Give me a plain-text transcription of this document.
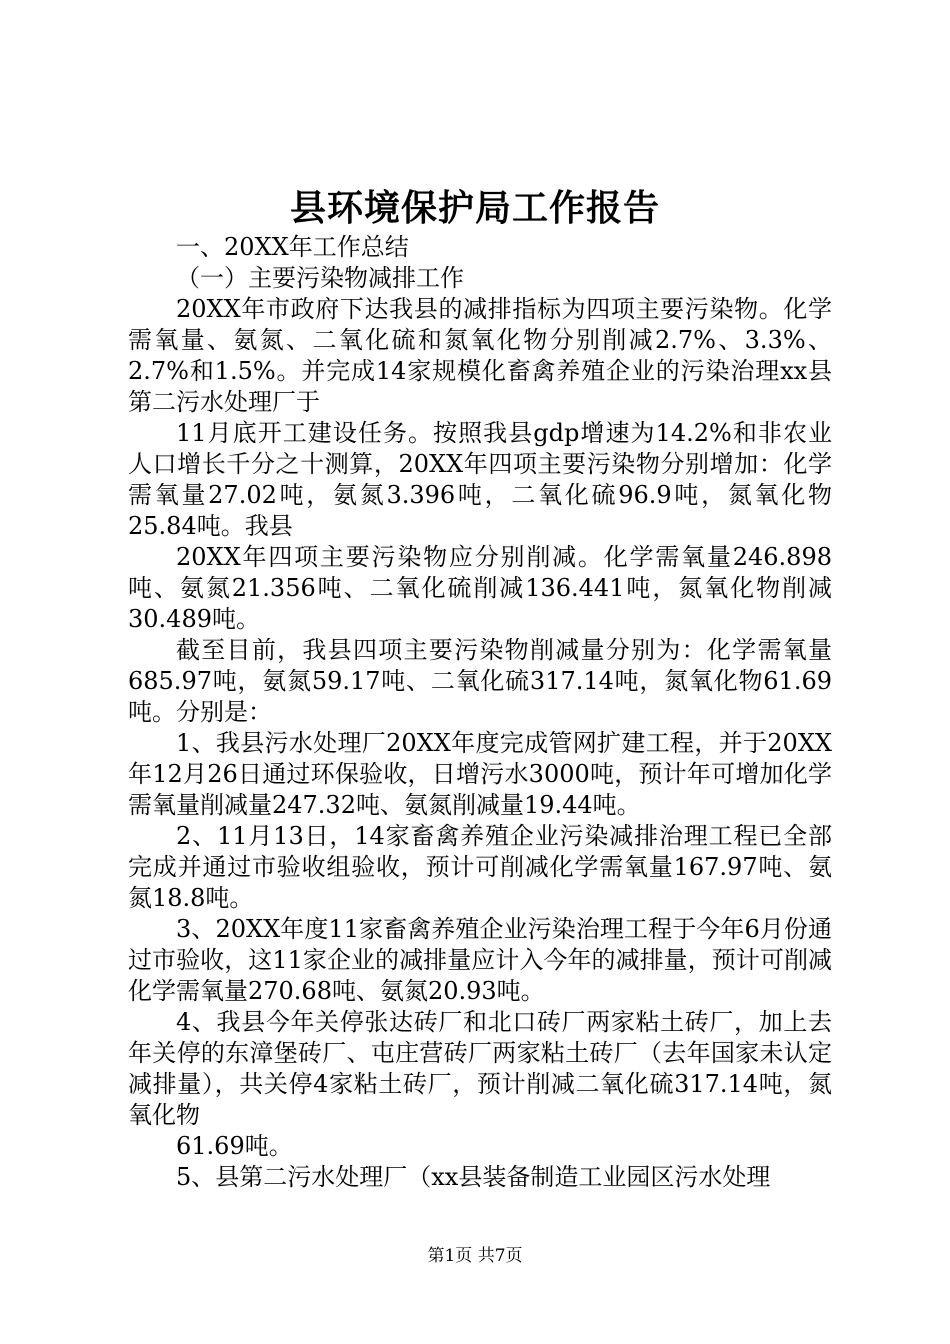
县环境保护局工作报告

一、20XX年工作总结

（一）主要污染物减排工作

20XX年市政府下达我县的减排指标为四项主要污染物。化学需氧量、氨氮、二氧化硫和氮氧化物分别削减2.7%、3.3%、2.7%和1.5%。并完成14家规模化畜禽养殖企业的污染治理xx县第二污水处理厂于

11月底开工建设任务。按照我县gdp增速为14.2%和非农业人口增长千分之十测算，20XX年四项主要污染物分别增加：化学需氧量27.02吨，氨氮3.396吨，二氧化硫96.9吨，氮氧化物25.84吨。我县

20XX年四项主要污染物应分别削减。化学需氧量246.898吨、氨氮21.356吨、二氧化硫削减136.441吨，氮氧化物削减30.489吨。

截至目前，我县四项主要污染物削减量分别为：化学需氧量685.97吨，氨氮59.17吨、二氧化硫317.14吨，氮氧化物61.69吨。分别是：

1、我县污水处理厂20XX年度完成管网扩建工程，并于20XX年12月26日通过环保验收，日增污水3000吨，预计年可增加化学需氧量削减量247.32吨、氨氮削减量19.44吨。

2、11月13日，14家畜禽养殖企业污染减排治理工程已全部完成并通过市验收组验收，预计可削减化学需氧量167.97吨、氨氮18.8吨。

3、20XX年度11家畜禽养殖企业污染治理工程于今年6月份通过市验收，这11家企业的减排量应计入今年的减排量，预计可削减化学需氧量270.68吨、氨氮20.93吨。

4、我县今年关停张达砖厂和北口砖厂两家粘土砖厂，加上去年关停的东漳堡砖厂、屯庄营砖厂两家粘土砖厂（去年国家未认定减排量），共关停4家粘土砖厂，预计削减二氧化硫317.14吨，氮氧化物

61.69吨。

5、县第二污水处理厂（xx县装备制造工业园区污水处理

第1页 共7页
